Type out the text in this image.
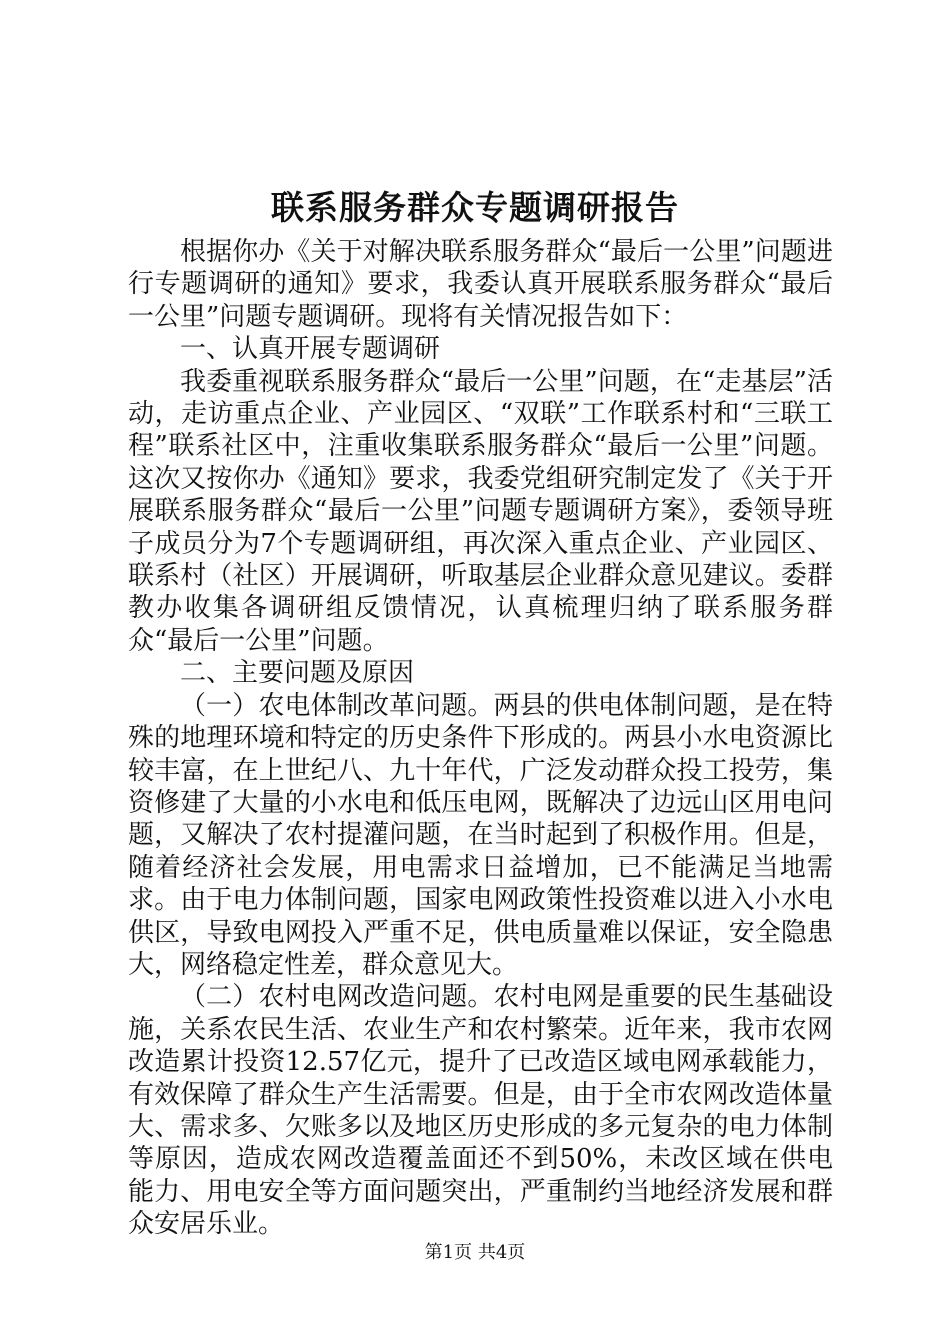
联系服务群众专题调研报告

根据你办《关于对解决联系服务群众“最后一公里”问题进行专题调研的通知》要求，我委认真开展联系服务群众“最后一公里”问题专题调研。现将有关情况报告如下：

一、认真开展专题调研

我委重视联系服务群众“最后一公里”问题，在“走基层”活动，走访重点企业、产业园区、“双联”工作联系村和“三联工程”联系社区中，注重收集联系服务群众“最后一公里”问题。这次又按你办《通知》要求，我委党组研究制定发了《关于开展联系服务群众“最后一公里”问题专题调研方案》，委领导班子成员分为7个专题调研组，再次深入重点企业、产业园区、联系村（社区）开展调研，听取基层企业群众意见建议。委群教办收集各调研组反馈情况，认真梳理归纳了联系服务群众“最后一公里”问题。

二、主要问题及原因

（一）农电体制改革问题。两县的供电体制问题，是在特殊的地理环境和特定的历史条件下形成的。两县小水电资源比较丰富，在上世纪八、九十年代，广泛发动群众投工投劳，集资修建了大量的小水电和低压电网，既解决了边远山区用电问题，又解决了农村提灌问题，在当时起到了积极作用。但是，随着经济社会发展，用电需求日益增加，已不能满足当地需求。由于电力体制问题，国家电网政策性投资难以进入小水电供区，导致电网投入严重不足，供电质量难以保证，安全隐患大，网络稳定性差，群众意见大。

（二）农村电网改造问题。农村电网是重要的民生基础设施，关系农民生活、农业生产和农村繁荣。近年来，我市农网改造累计投资12.57亿元，提升了已改造区域电网承载能力，有效保障了群众生产生活需要。但是，由于全市农网改造体量大、需求多、欠账多以及地区历史形成的多元复杂的电力体制等原因，造成农网改造覆盖面还不到50%，未改区域在供电能力、用电安全等方面问题突出，严重制约当地经济发展和群众安居乐业。

第1页 共4页
